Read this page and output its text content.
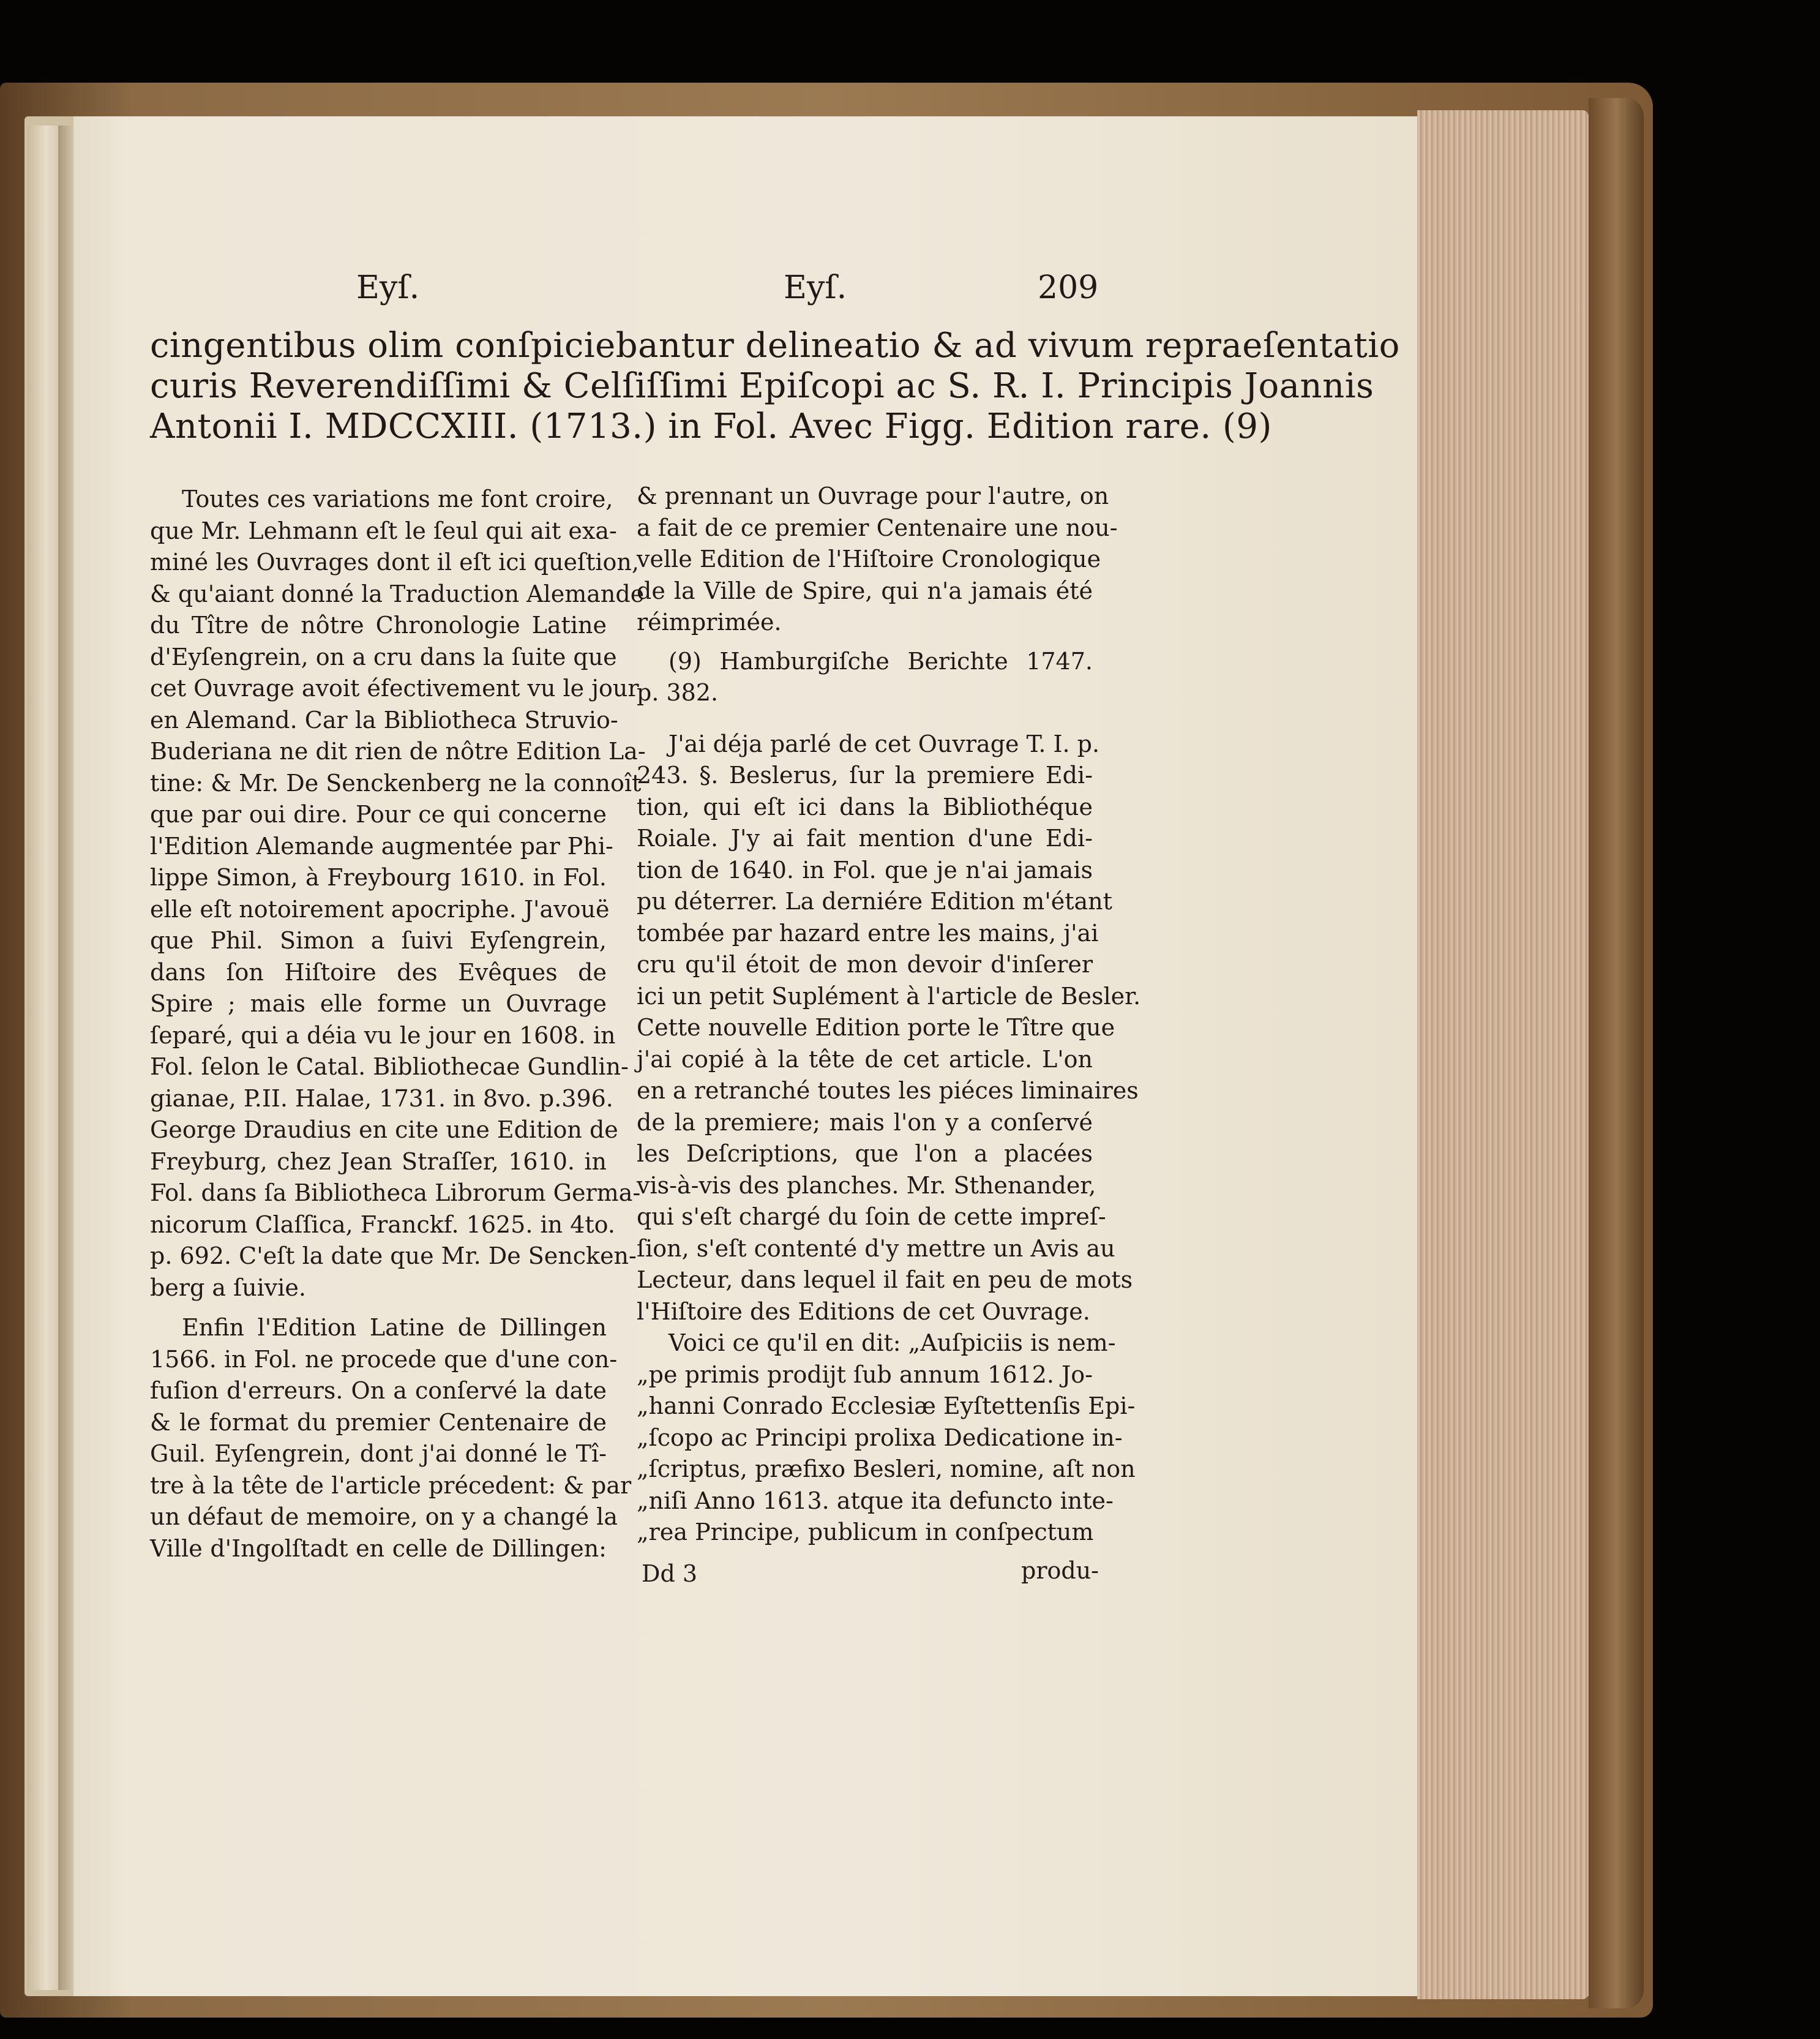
Eyſ.	Eyſ.	209
cingentibus olim conſpiciebantur delineatio & ad vivum repraeſentatio
curis Reverendiſſimi & Celſiſſimi Epiſcopi ac S. R. I. Principis Joannis
Antonii I. MDCCXIII. (1713.) in Fol. Avec Figg. Edition rare. (9)
Toutes ces variations me font croire,
que Mr. Lehmann eſt le ſeul qui ait exa-
miné les Ouvrages dont il eſt ici queſtion,
& qu'aiant donné la Traduction Alemande
du Tître de nôtre Chronologie Latine
d'Eyſengrein, on a cru dans la ſuite que
cet Ouvrage avoit éfectivement vu le jour
en Alemand. Car la Bibliotheca Struvio-
Buderiana ne dit rien de nôtre Edition La-
tine: & Mr. De Senckenberg ne la connoît
que par oui dire. Pour ce qui concerne
l'Edition Alemande augmentée par Phi-
lippe Simon, à Freybourg 1610. in Fol.
elle eſt notoirement apocriphe. J'avouë
que Phil. Simon a ſuivi Eyſengrein,
dans ſon Hiſtoire des Evêques de
Spire ; mais elle forme un Ouvrage
ſeparé, qui a déia vu le jour en 1608. in
Fol. ſelon le Catal. Bibliothecae Gundlin-
gianae, P.II. Halae, 1731. in 8vo. p.396.
George Draudius en cite une Edition de
Freyburg, chez Jean Straſſer, 1610. in
Fol. dans ſa Bibliotheca Librorum Germa-
nicorum Claſſica, Franckf. 1625. in 4to.
p. 692. C'eſt la date que Mr. De Sencken-
berg a ſuivie.
Enfin l'Edition Latine de Dillingen
1566. in Fol. ne procede que d'une con-
fuſion d'erreurs. On a conſervé la date
& le format du premier Centenaire de
Guil. Eyſengrein, dont j'ai donné le Tî-
tre à la tête de l'article précedent: & par
un défaut de memoire, on y a changé la
Ville d'Ingolſtadt en celle de Dillingen:
& prennant un Ouvrage pour l'autre, on
a fait de ce premier Centenaire une nou-
velle Edition de l'Hiſtoire Cronologique
de la Ville de Spire, qui n'a jamais été
réimprimée.
(9) Hamburgiſche Berichte 1747.
p. 382.
J'ai déja parlé de cet Ouvrage T. I. p.
243. §. Beslerus, ſur la premiere Edi-
tion, qui eſt ici dans la Bibliothéque
Roiale. J'y ai fait mention d'une Edi-
tion de 1640. in Fol. que je n'ai jamais
pu déterrer. La derniére Edition m'étant
tombée par hazard entre les mains, j'ai
cru qu'il étoit de mon devoir d'inſerer
ici un petit Suplément à l'article de Besler.
Cette nouvelle Edition porte le Tître que
j'ai copié à la tête de cet article. L'on
en a retranché toutes les piéces liminaires
de la premiere; mais l'on y a conſervé
les Deſcriptions, que l'on a placées
vis-à-vis des planches. Mr. Sthenander,
qui s'eſt chargé du ſoin de cette impreſ-
ſion, s'eſt contenté d'y mettre un Avis au
Lecteur, dans lequel il fait en peu de mots
l'Hiſtoire des Editions de cet Ouvrage.
Voici ce qu'il en dit: „Auſpiciis is nem-
„pe primis prodijt ſub annum 1612. Jo-
„hanni Conrado Ecclesiæ Eyſtettenſis Epi-
„ſcopo ac Principi prolixa Dedicatione in-
„ſcriptus, præfixo Besleri, nomine, aſt non
„niſi Anno 1613. atque ita defuncto inte-
„rea Principe, publicum in conſpectum
Dd 3	produ-
